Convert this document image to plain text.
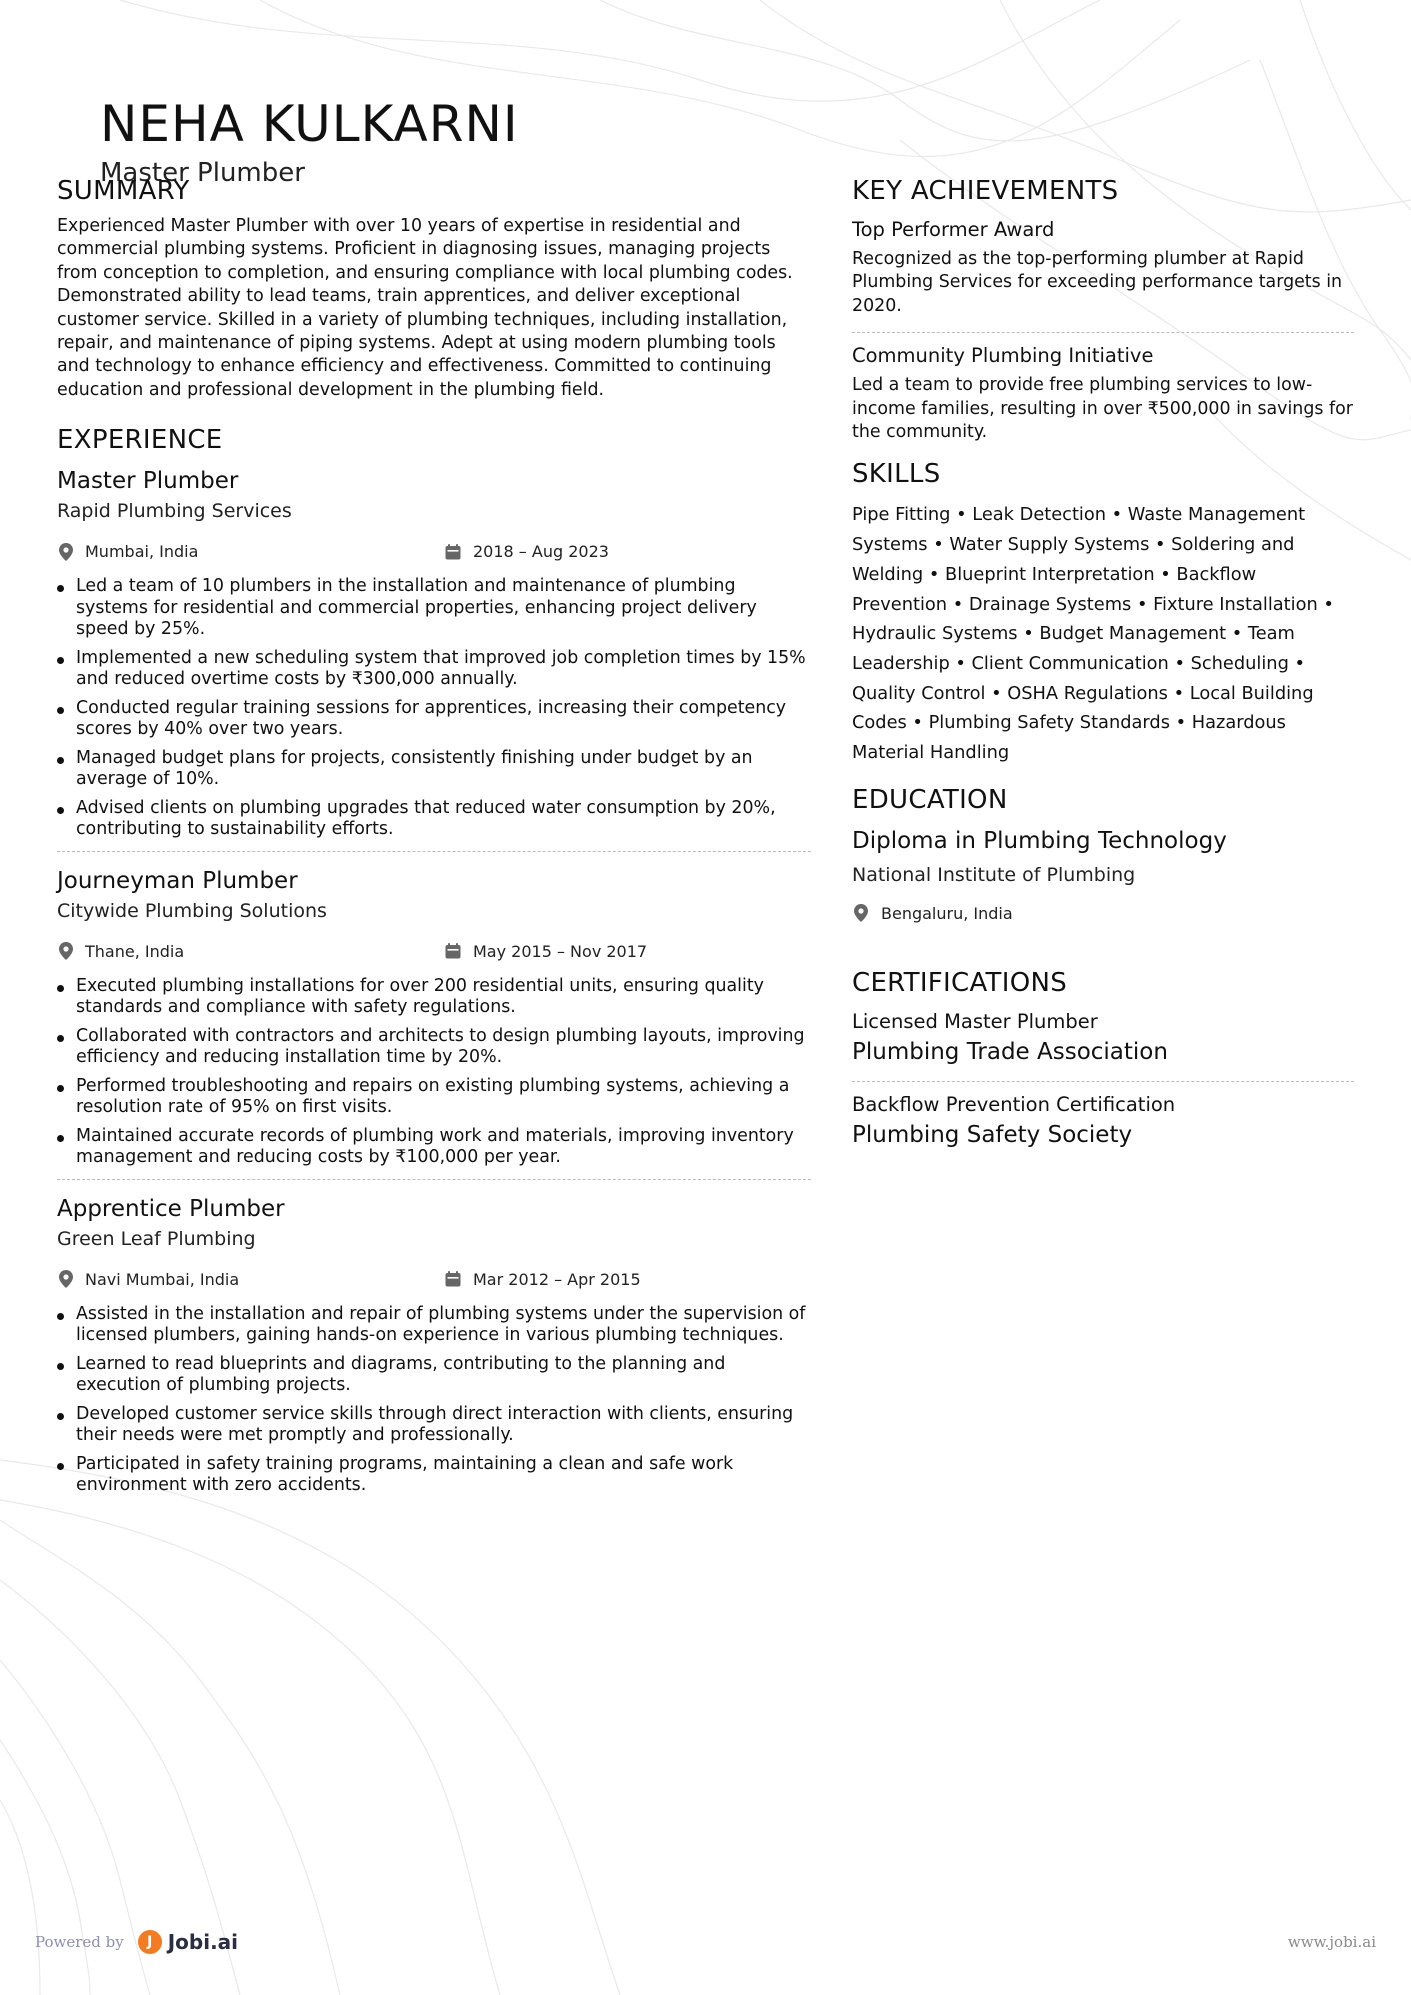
NEHA KULKARNI

Master Plumber

SUMMARY

Experienced Master Plumber with over 10 years of expertise in residential and commercial plumbing systems. Proficient in diagnosing issues, managing projects from conception to completion, and ensuring compliance with local plumbing codes. Demonstrated ability to lead teams, train apprentices, and deliver exceptional customer service. Skilled in a variety of plumbing techniques, including installation, repair, and maintenance of piping systems. Adept at using modern plumbing tools and technology to enhance efficiency and effectiveness. Committed to continuing education and professional development in the plumbing field.

EXPERIENCE

Master Plumber

Rapid Plumbing Services

Mumbai, India	2018 – Aug 2023
Led a team of 10 plumbers in the installation and maintenance of plumbing systems for residential and commercial properties, enhancing project delivery speed by 25%.
Implemented a new scheduling system that improved job completion times by 15% and reduced overtime costs by ₹300,000 annually.
Conducted regular training sessions for apprentices, increasing their competency scores by 40% over two years.
Managed budget plans for projects, consistently finishing under budget by an average of 10%.
Advised clients on plumbing upgrades that reduced water consumption by 20%, contributing to sustainability efforts.

Journeyman Plumber

Citywide Plumbing Solutions

Thane, India	May 2015 – Nov 2017
Executed plumbing installations for over 200 residential units, ensuring quality standards and compliance with safety regulations.
Collaborated with contractors and architects to design plumbing layouts, improving efficiency and reducing installation time by 20%.
Performed troubleshooting and repairs on existing plumbing systems, achieving a resolution rate of 95% on first visits.
Maintained accurate records of plumbing work and materials, improving inventory management and reducing costs by ₹100,000 per year.

Apprentice Plumber

Green Leaf Plumbing

Navi Mumbai, India	Mar 2012 – Apr 2015
Assisted in the installation and repair of plumbing systems under the supervision of licensed plumbers, gaining hands-on experience in various plumbing techniques.
Learned to read blueprints and diagrams, contributing to the planning and execution of plumbing projects.
Developed customer service skills through direct interaction with clients, ensuring their needs were met promptly and professionally.
Participated in safety training programs, maintaining a clean and safe work environment with zero accidents.
KEY ACHIEVEMENTS

Top Performer Award

Recognized as the top-performing plumber at Rapid Plumbing Services for exceeding performance targets in 2020.

Community Plumbing Initiative

Led a team to provide free plumbing services to low-income families, resulting in over ₹500,000 in savings for the community.

SKILLS

Pipe Fitting • Leak Detection • Waste Management Systems • Water Supply Systems • Soldering and Welding • Blueprint Interpretation • Backflow Prevention • Drainage Systems • Fixture Installation • Hydraulic Systems • Budget Management • Team Leadership • Client Communication • Scheduling • Quality Control • OSHA Regulations • Local Building Codes • Plumbing Safety Standards • Hazardous Material Handling

EDUCATION

Diploma in Plumbing Technology

National Institute of Plumbing

Bengaluru, India
CERTIFICATIONS

Licensed Master Plumber

Plumbing Trade Association

Backflow Prevention Certification

Plumbing Safety Society

Powered by	J Jobi.ai	www.jobi.ai
